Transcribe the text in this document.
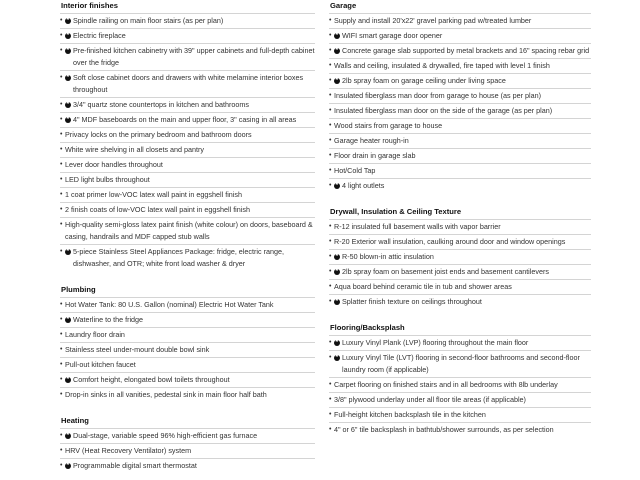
Interior finishes
• ★	Spindle railing on main floor stairs (as per plan)
• ★	Electric fireplace
• ★	Pre-finished kitchen cabinetry with 39" upper cabinets and full-depth cabinet over the fridge
• ★	Soft close cabinet doors and drawers with white melamine interior boxes throughout
• ★	3/4" quartz stone countertops in kitchen and bathrooms
• ★	4" MDF baseboards on the main and upper floor, 3" casing in all areas
• Privacy locks on the primary bedroom and bathroom doors
• White wire shelving in all closets and pantry
• Lever door handles throughout
• LED light bulbs throughout
• 1 coat primer low-VOC latex wall paint in eggshell finish
• 2 finish coats of low-VOC latex wall paint in eggshell finish
• High-quality semi-gloss latex paint finish (white colour) on doors, baseboard & casing, handrails and MDF capped stub walls
• ★	5-piece Stainless Steel Appliances Package: fridge, electric range, dishwasher, and OTR; white front load washer & dryer
Plumbing
• Hot Water Tank: 80 U.S. Gallon (nominal) Electric Hot Water Tank
• ★	Waterline to the fridge
• Laundry floor drain
• Stainless steel under-mount double bowl sink
• Pull-out kitchen faucet
• ★	Comfort height, elongated bowl toilets throughout
• Drop-in sinks in all vanities, pedestal sink in main floor half bath
Heating
• ★	Dual-stage, variable speed 96% high-efficient gas furnace
• HRV (Heat Recovery Ventilator) system
• ★	Programmable digital smart thermostat
Garage
• Supply and install 20'x22' gravel parking pad w/treated lumber
• ★	WIFI smart garage door opener
• ★	Concrete garage slab supported by metal brackets and 16" spacing rebar grid
• Walls and ceiling, insulated & drywalled, fire taped with level 1 finish
• ★	2lb spray foam on garage ceiling under living space
• Insulated fiberglass man door from garage to house (as per plan)
• Insulated fiberglass man door on the side of the garage (as per plan)
• Wood stairs from garage to house
• Garage heater rough-in
• Floor drain in garage slab
• Hot/Cold Tap
• ★	4 light outlets
Drywall, Insulation & Ceiling Texture
• R-12 insulated full basement walls with vapor barrier
• R-20 Exterior wall insulation, caulking around door and window openings
• ★	R-50 blown-in attic insulation
• ★	2lb spray foam on basement joist ends and basement cantilevers
• Aqua board behind ceramic tile in tub and shower areas
• ★	Splatter finish texture on ceilings throughout
Flooring/Backsplash
• ★	Luxury Vinyl Plank (LVP) flooring throughout the main floor
• ★	Luxury Vinyl Tile (LVT) flooring in second-floor bathrooms and second-floor laundry room (if applicable)
• Carpet flooring on finished stairs and in all bedrooms with 8lb underlay
• 3/8" plywood underlay under all floor tile areas (if applicable)
• Full-height kitchen backsplash tile in the kitchen
• 4" or 6" tile backsplash in bathtub/shower surrounds, as per selection
